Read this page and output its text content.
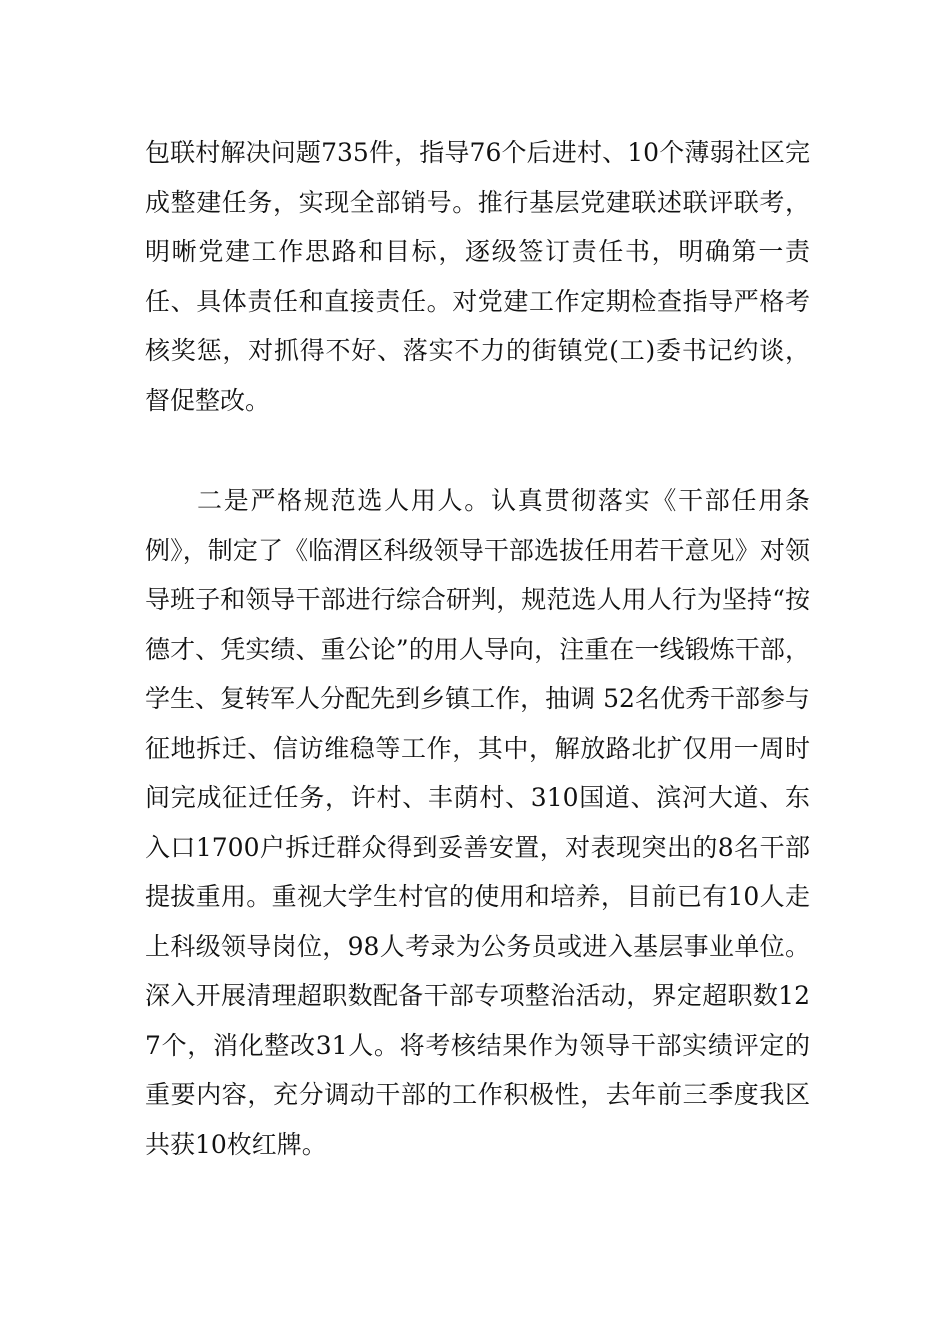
包联村解决问题735件，指导76个后进村、10个薄弱社区完成整建任务，实现全部销号。推行基层党建联述联评联考，明晰党建工作思路和目标，逐级签订责任书，明确第一责任、具体责任和直接责任。对党建工作定期检查指导严格考核奖惩，对抓得不好、落实不力的街镇党(工)委书记约谈，督促整改。

二是严格规范选人用人。认真贯彻落实《干部任用条例》，制定了《临渭区科级领导干部选拔任用若干意见》对领导班子和领导干部进行综合研判，规范选人用人行为坚持“按德才、凭实绩、重公论”的用人导向，注重在一线锻炼干部，学生、复转军人分配先到乡镇工作，抽调 52名优秀干部参与征地拆迁、信访维稳等工作，其中，解放路北扩仅用一周时间完成征迁任务，许村、丰荫村、310国道、滨河大道、东入口1700户拆迁群众得到妥善安置，对表现突出的8名干部提拔重用。重视大学生村官的使用和培养，目前已有10人走上科级领导岗位，98人考录为公务员或进入基层事业单位。深入开展清理超职数配备干部专项整治活动，界定超职数127个，消化整改31人。将考核结果作为领导干部实绩评定的重要内容，充分调动干部的工作积极性，去年前三季度我区共获10枚红牌。
